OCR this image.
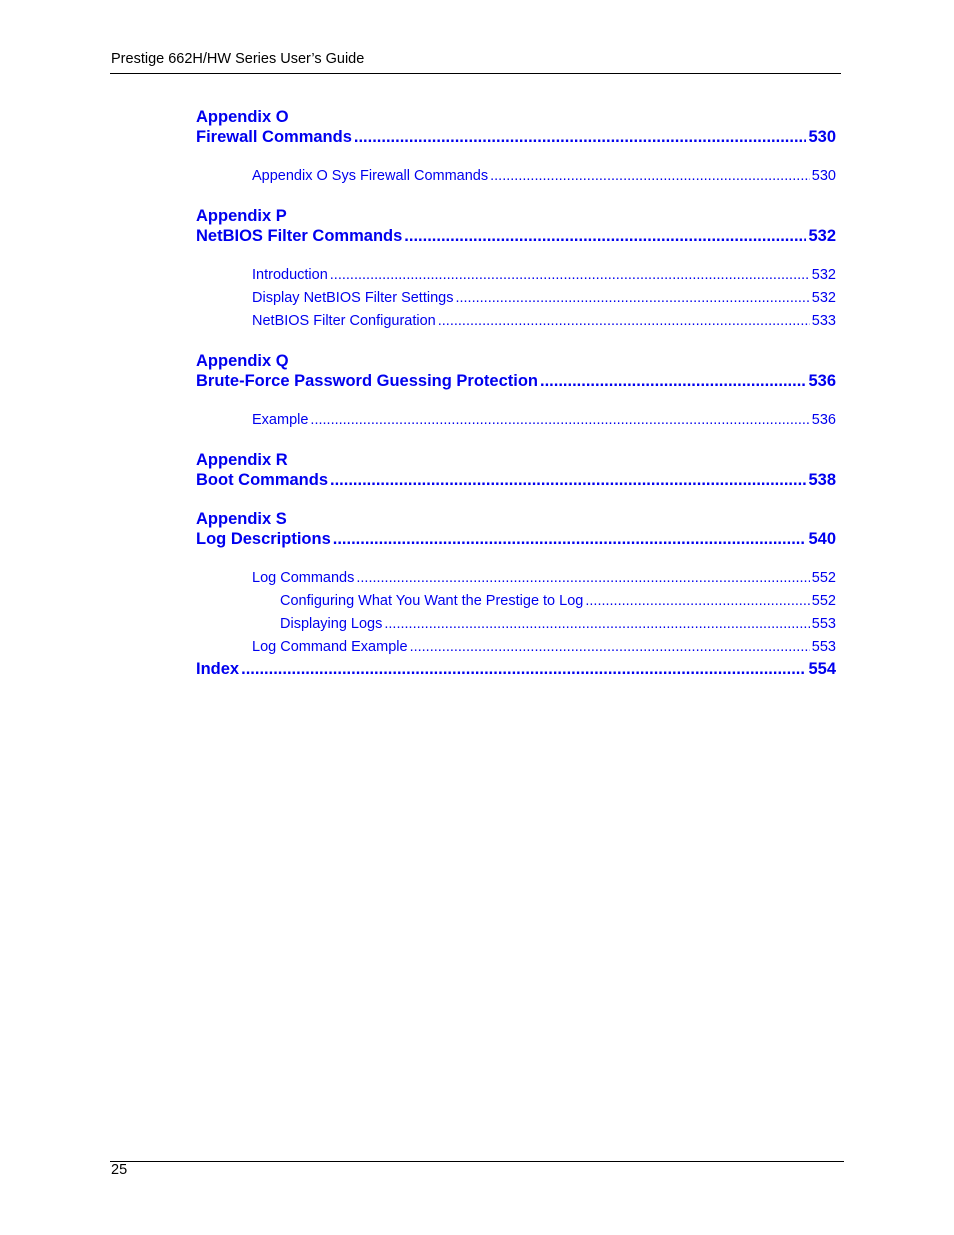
Prestige 662H/HW Series User’s Guide
Appendix O
Firewall Commands .....	530
Appendix O Sys Firewall Commands .....	530
Appendix P
NetBIOS Filter Commands .....	532
Introduction .....	532
Display NetBIOS Filter Settings .....	532
NetBIOS Filter Configuration .....	533
Appendix Q
Brute-Force Password Guessing Protection .....	536
Example .....	536
Appendix R
Boot Commands .....	538
Appendix S
Log Descriptions .....	540
Log Commands .....	552
Configuring What You Want the Prestige to Log .....	552
Displaying Logs .....	553
Log Command Example .....	553
Index .....	554
25
